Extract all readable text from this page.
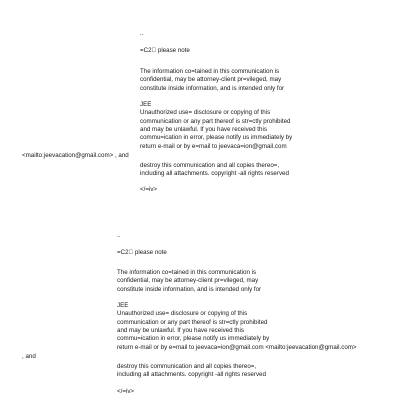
..
=C2  please note
The information co=tained in this communication is
confidential, may be attorney-client pr=vileged, may
constitute inside information, and is intended only for
JEE
Unauthorized use= disclosure or copying of this
communication or any part thereof is str=ctly prohibited
and may be unlawful. If you have received this
commu=ication in error, please notify us immediately by
return e-mail or by e=mail to jeevaca=ion@gmail.com
<mailto:jeevacation@gmail.com> , and
destroy this communication and all copies thereo=,
including all attachments. copyright -all rights reserved
</=iv>
..
=C2  please note
The information co=tained in this communication is
confidential, may be attorney-client pr=vileged, may
constitute inside information, and is intended only for
JEE
Unauthorized use= disclosure or copying of this
communication or any part thereof is str=ctly prohibited
and may be unlawful. If you have received this
commu=ication in error, please notify us immediately by
return e-mail or by e=mail to jeevaca=ion@gmail.com <mailto:jeevacation@gmail.com>
, and
destroy this communication and all copies thereo=,
including all attachments. copyright -all rights reserved
</=iv>
